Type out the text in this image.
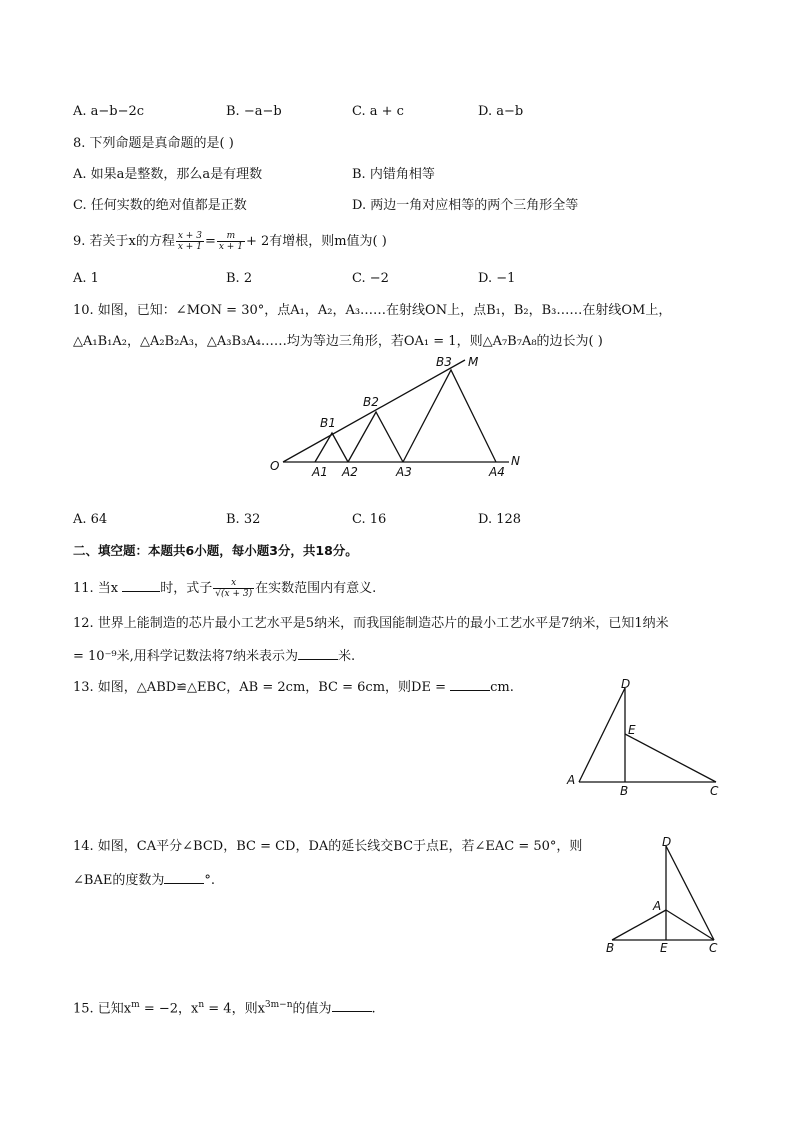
A. a−b−2c	B. −a−b	C. a + c	D. a−b
8. 下列命题是真命题的是( )
A. 如果a是整数，那么a是有理数	B. 内错角相等
C. 任何实数的绝对值都是正数	D. 两边一角对应相等的两个三角形全等
9. 若关于x的方程 $\frac{x + 3}{x + 1} = \frac{m}{x + 1} + 2$有增根，则m值为( )
A. 1	B. 2	C. −2	D. −1
10. 如图，已知：∠MON = 30°，点A₁，A₂，A₃……在射线ON上，点B₁，B₂，B₃……在射线OM上，
△A₁B₁A₂，△A₂B₂A₃，△A₃B₃A₄……均为等边三角形，若OA₁ = 1，则△A₇B₇A₈的边长为( )
O	A1 A2	A3	A4
B1
B2
B3 M
N
A. 64	B. 32	C. 16	D. 128
二、填空题：本题共6小题，每小题3分，共18分。
11. 当x	时，式子 $\frac{x}{√(x + 3)}$ 在实数范围内有意义.
12. 世界上能制造的芯片最小工艺水平是5纳米，而我国能制造芯片的最小工艺水平是7纳米，已知1纳米
= 10⁻⁹米,用科学记数法将7纳米表示为	米.
13. 如图，△ABD≌△EBC，AB = 2cm，BC = 6cm，则DE =	cm.	D
E
A
B	C
14. 如图，CA平分∠BCD，BC = CD，DA的延长线交BC于点E，若∠EAC = 50°，则
∠BAE的度数为	°.
D
A
B	E	C
15. 已知$x^m = -2$，$x^n = 4$，则$x^{3m-n}$的值为	.
